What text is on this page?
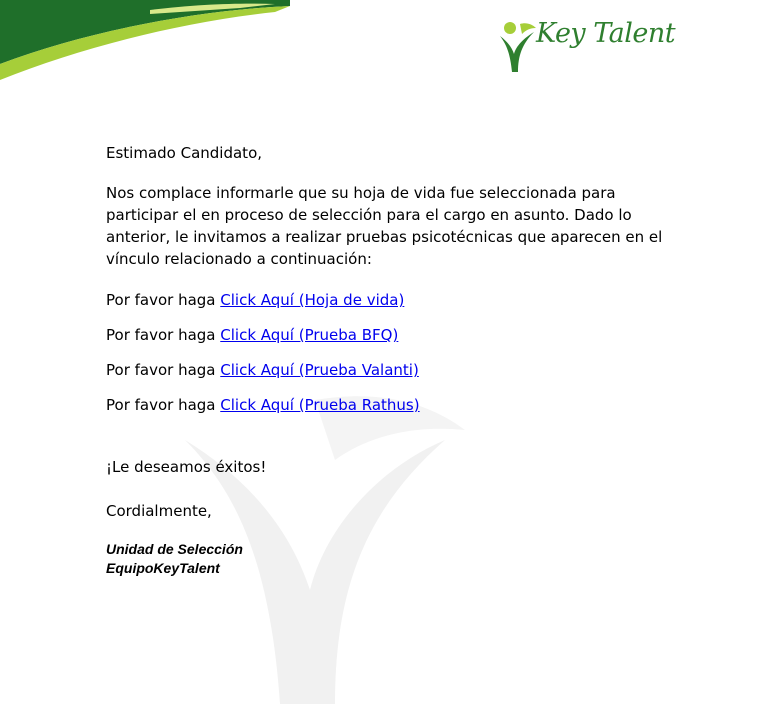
Key Talent

Estimado Candidato,

Nos complace informarle que su hoja de vida fue seleccionada para participar el en proceso de selección para el cargo en asunto. Dado lo anterior, le invitamos a realizar pruebas psicotécnicas que aparecen en el vínculo relacionado a continuación:

Por favor haga Click Aquí (Hoja de vida)

Por favor haga Click Aquí (Prueba BFQ)

Por favor haga Click Aquí (Prueba Valanti)

Por favor haga Click Aquí (Prueba Rathus)

¡Le deseamos éxitos!

Cordialmente,

Unidad de Selección
EquipoKeyTalent
